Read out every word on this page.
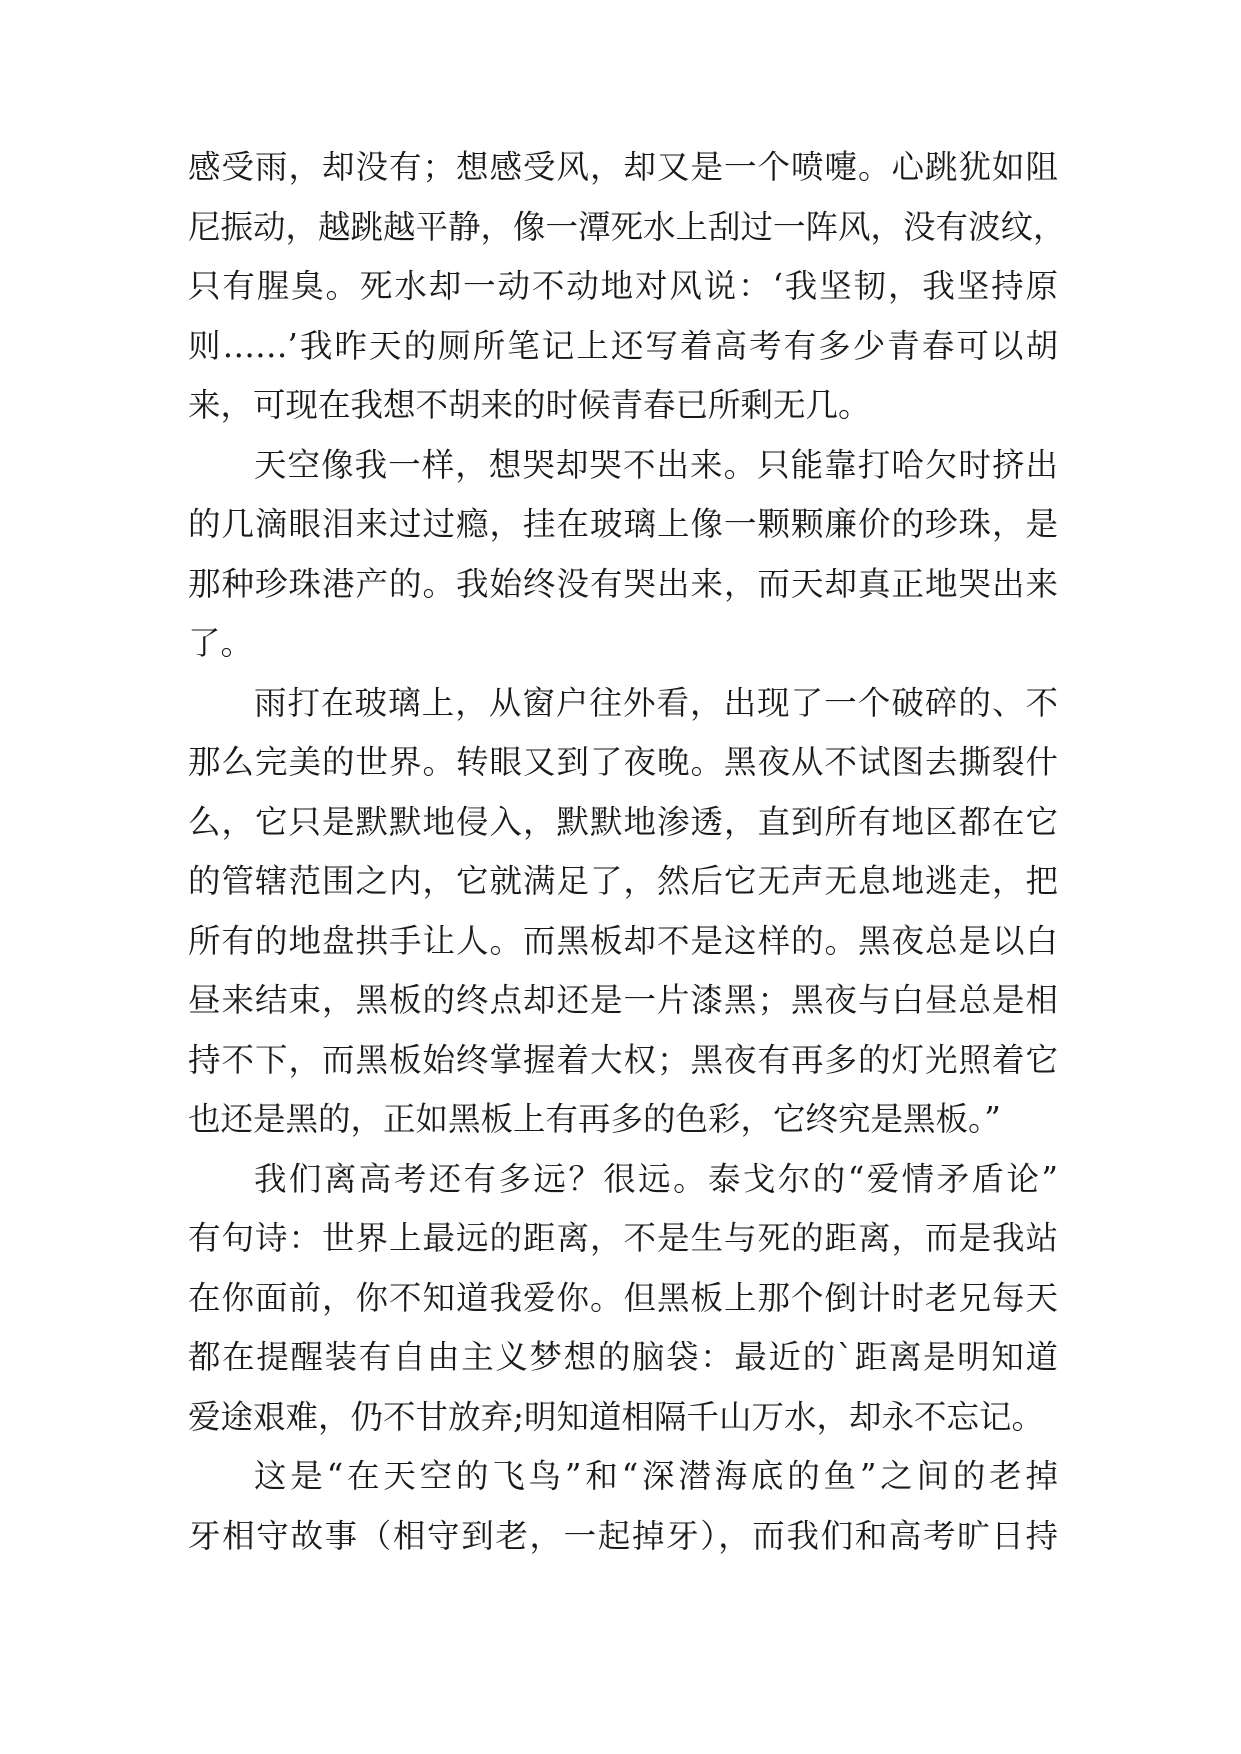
感受雨，却没有；想感受风，却又是一个喷嚏。心跳犹如阻
尼振动，越跳越平静，像一潭死水上刮过一阵风，没有波纹，
只有腥臭。死水却一动不动地对风说：‘我坚韧，我坚持原
则……’我昨天的厕所笔记上还写着高考有多少青春可以胡
来，可现在我想不胡来的时候青春已所剩无几。
天空像我一样，想哭却哭不出来。只能靠打哈欠时挤出
的几滴眼泪来过过瘾，挂在玻璃上像一颗颗廉价的珍珠，是
那种珍珠港产的。我始终没有哭出来，而天却真正地哭出来
了。
雨打在玻璃上，从窗户往外看，出现了一个破碎的、不
那么完美的世界。转眼又到了夜晚。黑夜从不试图去撕裂什
么，它只是默默地侵入，默默地渗透，直到所有地区都在它
的管辖范围之内，它就满足了，然后它无声无息地逃走，把
所有的地盘拱手让人。而黑板却不是这样的。黑夜总是以白
昼来结束，黑板的终点却还是一片漆黑；黑夜与白昼总是相
持不下，而黑板始终掌握着大权；黑夜有再多的灯光照着它
也还是黑的，正如黑板上有再多的色彩，它终究是黑板。”
我们离高考还有多远？很远。泰戈尔的“爱情矛盾论”
有句诗：世界上最远的距离，不是生与死的距离，而是我站
在你面前，你不知道我爱你。但黑板上那个倒计时老兄每天
都在提醒装有自由主义梦想的脑袋：最近的`距离是明知道
爱途艰难，仍不甘放弃;明知道相隔千山万水，却永不忘记。
这是“在天空的飞鸟”和“深潜海底的鱼”之间的老掉
牙相守故事（相守到老，一起掉牙），而我们和高考旷日持
